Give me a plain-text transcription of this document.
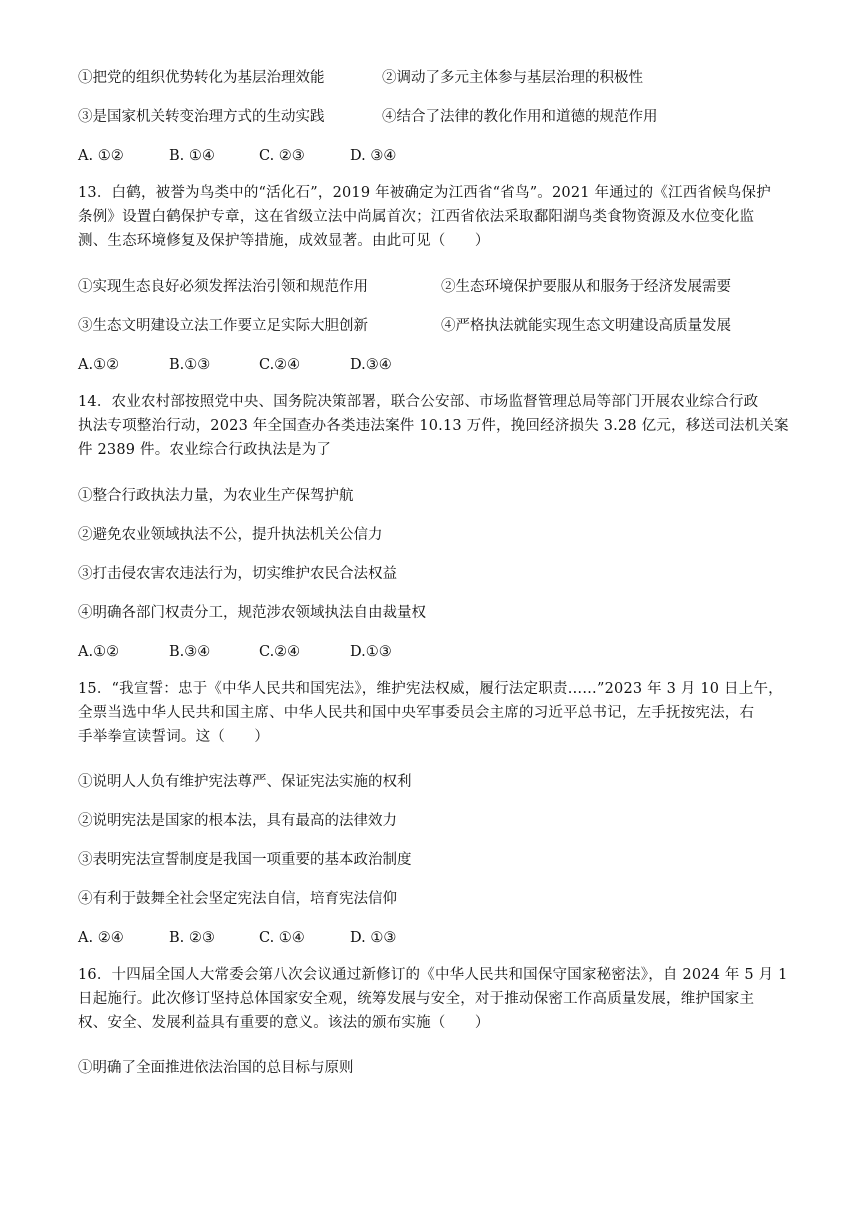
①把党的组织优势转化为基层治理效能	②调动了多元主体参与基层治理的积极性
③是国家机关转变治理方式的生动实践	④结合了法律的教化作用和道德的规范作用
A. ①②	B. ①④	C. ②③	D. ③④
13．白鹤，被誉为鸟类中的“活化石”，2019 年被确定为江西省“省鸟”。2021 年通过的《江西省候鸟保护
条例》设置白鹤保护专章，这在省级立法中尚属首次；江西省依法采取鄱阳湖鸟类食物资源及水位变化监
测、生态环境修复及保护等措施，成效显著。由此可见（　　）
①实现生态良好必须发挥法治引领和规范作用	②生态环境保护要服从和服务于经济发展需要
③生态文明建设立法工作要立足实际大胆创新	④严格执法就能实现生态文明建设高质量发展
A.①②	B.①③	C.②④	D.③④
14．农业农村部按照党中央、国务院决策部署，联合公安部、市场监督管理总局等部门开展农业综合行政
执法专项整治行动，2023 年全国查办各类违法案件 10.13 万件，挽回经济损失 3.28 亿元，移送司法机关案
件 2389 件。农业综合行政执法是为了
①整合行政执法力量，为农业生产保驾护航
②避免农业领域执法不公，提升执法机关公信力
③打击侵农害农违法行为，切实维护农民合法权益
④明确各部门权责分工，规范涉农领域执法自由裁量权
A.①②	B.③④	C.②④	D.①③
15．“我宣誓：忠于《中华人民共和国宪法》，维护宪法权威，履行法定职责……”2023 年 3 月 10 日上午，
全票当选中华人民共和国主席、中华人民共和国中央军事委员会主席的习近平总书记，左手抚按宪法，右
手举拳宣读誓词。这（　　）
①说明人人负有维护宪法尊严、保证宪法实施的权利
②说明宪法是国家的根本法，具有最高的法律效力
③表明宪法宣誓制度是我国一项重要的基本政治制度
④有利于鼓舞全社会坚定宪法自信，培育宪法信仰
A. ②④	B. ②③	C. ①④	D. ①③
16．十四届全国人大常委会第八次会议通过新修订的《中华人民共和国保守国家秘密法》，自 2024 年 5 月 1
日起施行。此次修订坚持总体国家安全观，统筹发展与安全，对于推动保密工作高质量发展，维护国家主
权、安全、发展利益具有重要的意义。该法的颁布实施（　　）
①明确了全面推进依法治国的总目标与原则
